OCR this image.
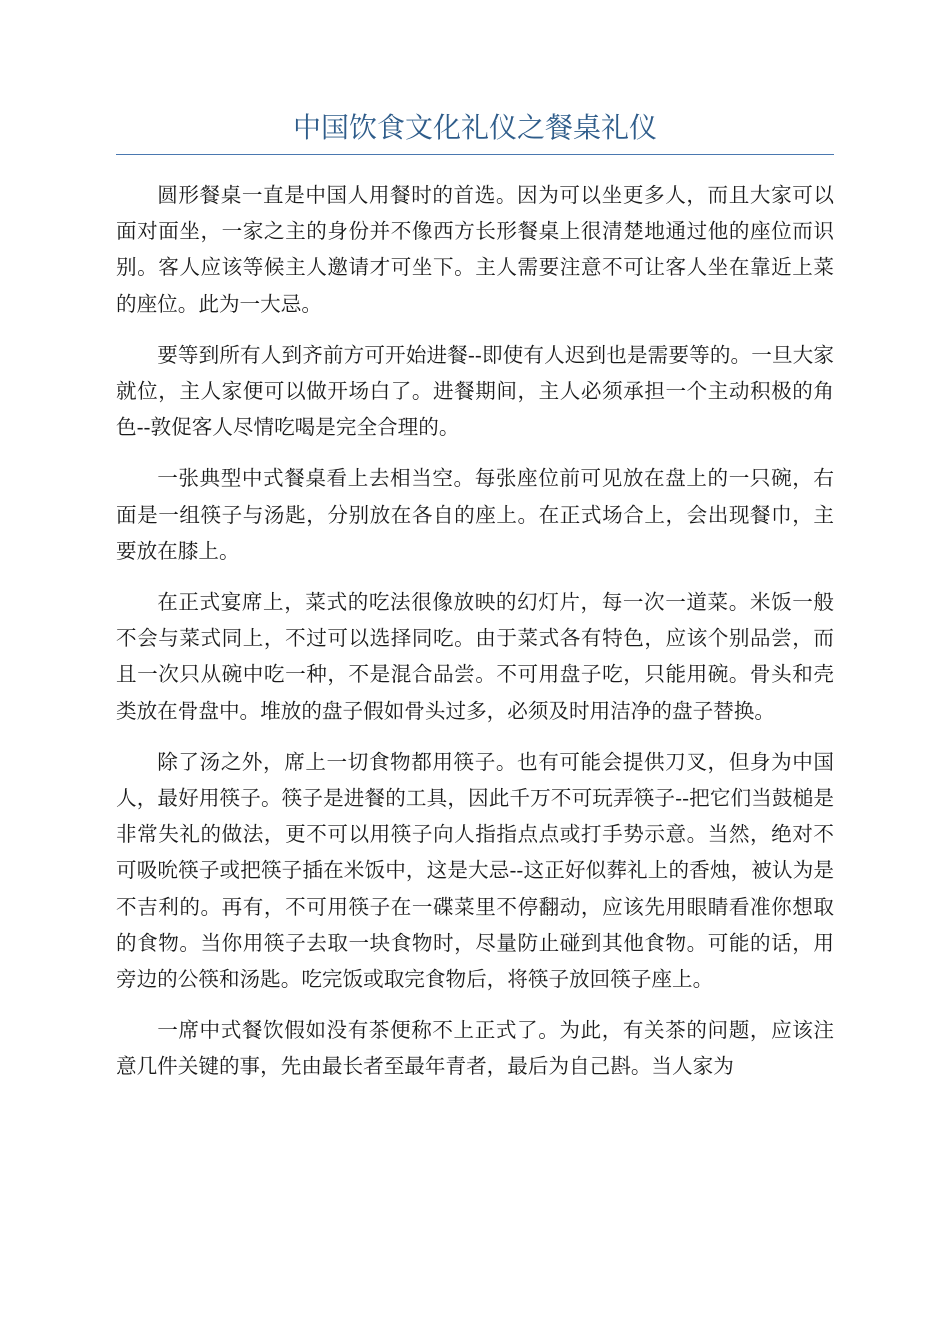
中国饮食文化礼仪之餐桌礼仪

圆形餐桌一直是中国人用餐时的首选。因为可以坐更多人，而且大家可以面对面坐，一家之主的身份并不像西方长形餐桌上很清楚地通过他的座位而识别。客人应该等候主人邀请才可坐下。主人需要注意不可让客人坐在靠近上菜的座位。此为一大忌。

要等到所有人到齐前方可开始进餐--即使有人迟到也是需要等的。一旦大家就位，主人家便可以做开场白了。进餐期间，主人必须承担一个主动积极的角色--敦促客人尽情吃喝是完全合理的。

一张典型中式餐桌看上去相当空。每张座位前可见放在盘上的一只碗，右面是一组筷子与汤匙，分别放在各自的座上。在正式场合上，会出现餐巾，主要放在膝上。

在正式宴席上，菜式的吃法很像放映的幻灯片，每一次一道菜。米饭一般不会与菜式同上，不过可以选择同吃。由于菜式各有特色，应该个别品尝，而且一次只从碗中吃一种，不是混合品尝。不可用盘子吃，只能用碗。骨头和壳类放在骨盘中。堆放的盘子假如骨头过多，必须及时用洁净的盘子替换。

除了汤之外，席上一切食物都用筷子。也有可能会提供刀叉，但身为中国人，最好用筷子。筷子是进餐的工具，因此千万不可玩弄筷子--把它们当鼓槌是非常失礼的做法，更不可以用筷子向人指指点点或打手势示意。当然，绝对不可吸吮筷子或把筷子插在米饭中，这是大忌--这正好似葬礼上的香烛，被认为是不吉利的。再有，不可用筷子在一碟菜里不停翻动，应该先用眼睛看准你想取的食物。当你用筷子去取一块食物时，尽量防止碰到其他食物。可能的话，用旁边的公筷和汤匙。吃完饭或取完食物后，将筷子放回筷子座上。

一席中式餐饮假如没有茶便称不上正式了。为此，有关茶的问题，应该注意几件关键的事，先由最长者至最年青者，最后为自己斟。当人家为
